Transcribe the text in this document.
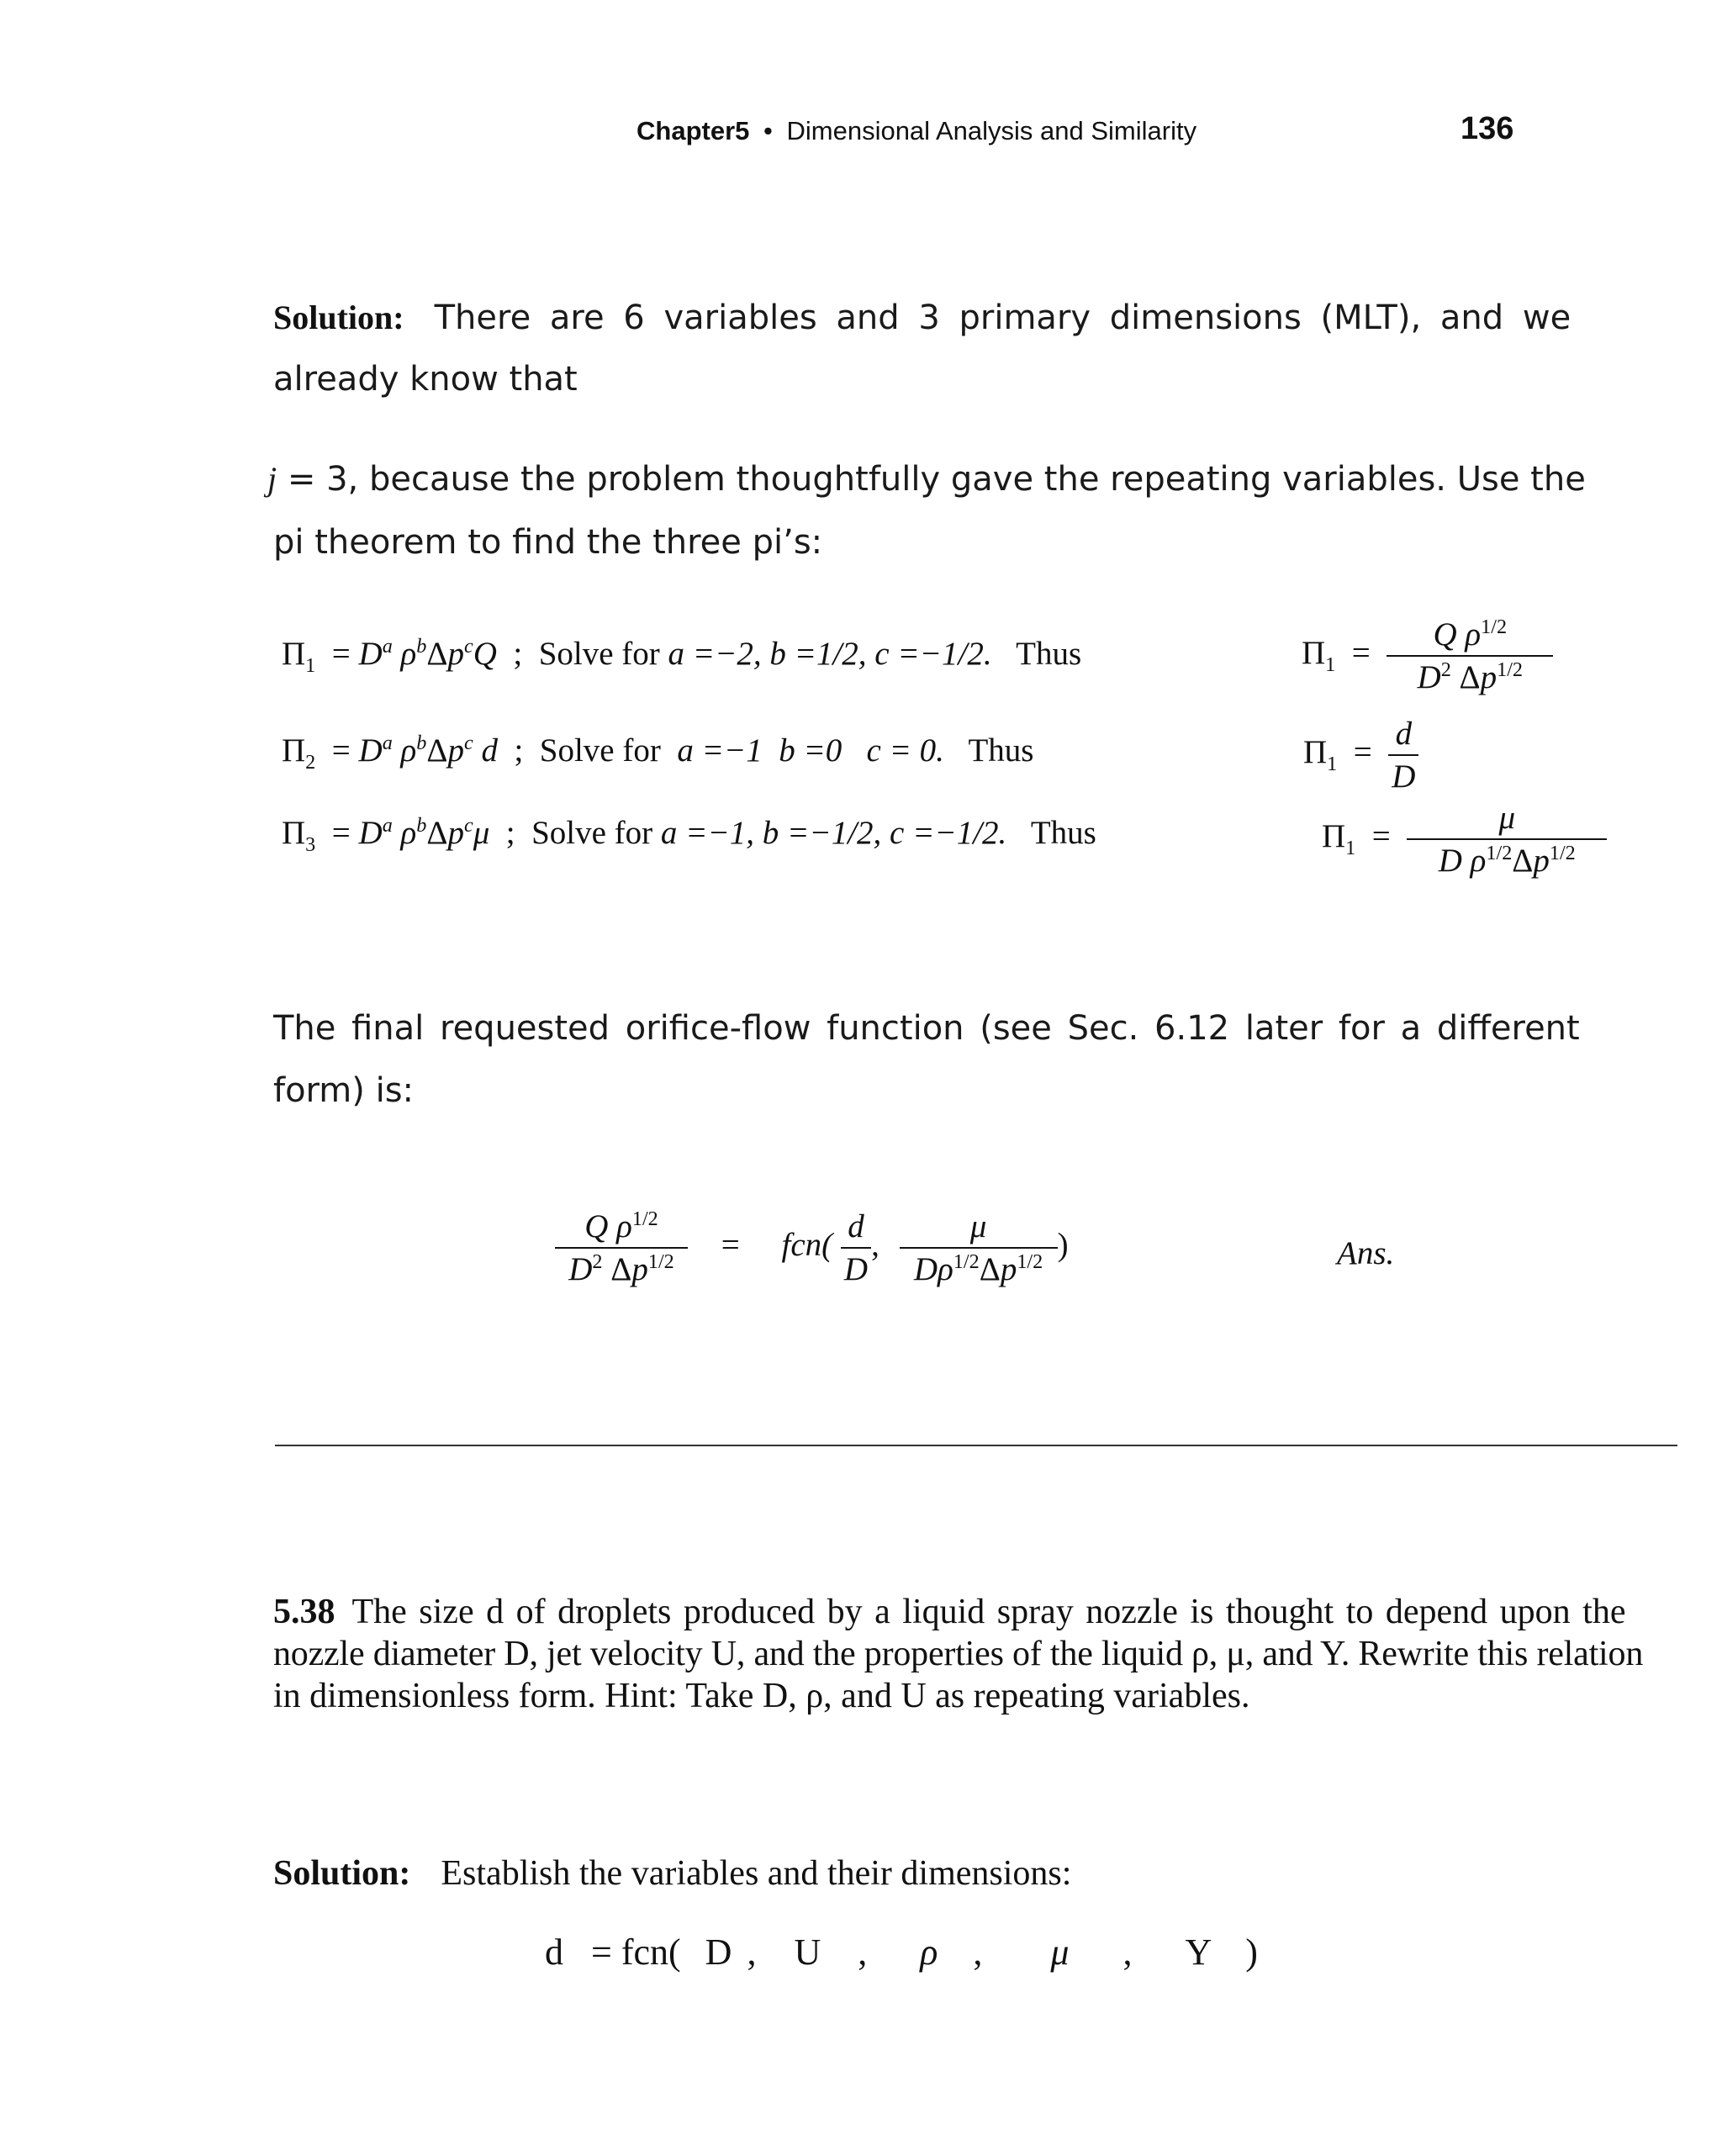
Chapter5 • Dimensional Analysis and Similarity	136
Solution: There are 6 variables and 3 primary dimensions (MLT), and we
already know that
j = 3, because the problem thoughtfully gave the repeating variables. Use the
pi theorem to find the three pi’s:
$\Pi_1 = D^a$ $\rho^b\Delta p^cQ$  ;  Solve for a =−2, b =1/2, c =−1/2. Thus	$\Pi_1 = \frac{Q \rho^{1/2}}{D^2 \Delta p^{1/2}}$
$\Pi_2 = D^a$ $\rho^b\Delta p^c$ d  ;  Solve for  a =−1  b =0   c = 0. Thus	$\Pi_1 = \frac{d}{D}$
$\Pi_3 = D^a$ $\rho^b\Delta p^c\mu$  ;  Solve for a =−1, b =−1/2, c =−1/2. Thus	$\Pi_1 = \frac{\mu}{D \rho^{1/2}\Delta p^{1/2}}$
The final requested orifice-flow function (see Sec. 6.12 later for a different
form) is:
$\frac{Q \rho^{1/2}}{D^2 \Delta p^{1/2}} = fcn( \frac{d}{D}$ , $\frac{\mu}{D\rho^{1/2}\Delta p^{1/2}}$ )	Ans.
5.38 The size d of droplets produced by a liquid spray nozzle is thought to depend upon the
nozzle diameter D, jet velocity U, and the properties of the liquid ρ, μ, and Y. Rewrite this relation
in dimensionless form. Hint: Take D, ρ, and U as repeating variables.
Solution: Establish the variables and their dimensions:
d = fcn( D , U , ρ , μ , Y )
